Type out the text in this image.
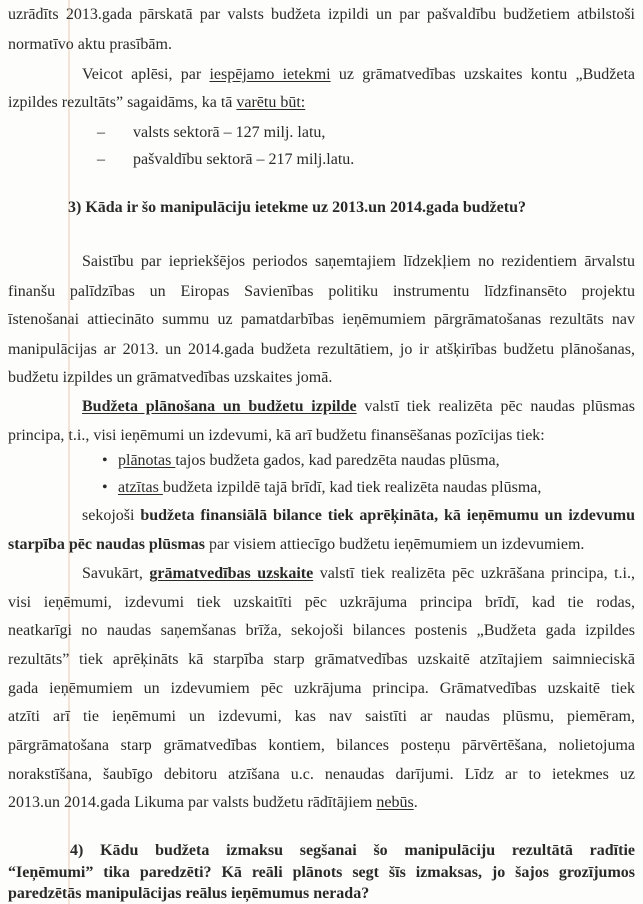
uzrādīts 2013.gada pārskatā par valsts budžeta izpildi un par pašvaldību budžetiem atbilstoši
normatīvo aktu prasībām.
Veicot aplēsi, par iespējamo ietekmi uz grāmatvedības uzskaites kontu „Budžeta
izpildes rezultāts” sagaidāms, ka tā varētu būt:
valsts sektorā – 127 milj. latu,
–
pašvaldību sektorā – 217 milj.latu.
–
3) Kāda ir šo manipulāciju ietekme uz 2013.un 2014.gada budžetu?
Saistību par iepriekšējos periodos saņemtajiem līdzekļiem no rezidentiem ārvalstu
finanšu palīdzības un Eiropas Savienības politiku instrumentu līdzfinansēto projektu
īstenošanai attiecināto summu uz pamatdarbības ieņēmumiem pārgrāmatošanas rezultāts nav
manipulācijas ar 2013. un 2014.gada budžeta rezultātiem, jo ir atšķirības budžetu plānošanas,
budžetu izpildes un grāmatvedības uzskaites jomā.
Budžeta plānošana un budžetu izpilde valstī tiek realizēta pēc naudas plūsmas
principa, t.i., visi ieņēmumi un izdevumi, kā arī budžetu finansēšanas pozīcijas tiek:
plānotas tajos budžeta gados, kad paredzēta naudas plūsma,
•
atzītas budžeta izpildē tajā brīdī, kad tiek realizēta naudas plūsma,
•
sekojoši budžeta finansiālā bilance tiek aprēķināta, kā ieņēmumu un izdevumu
starpība pēc naudas plūsmas par visiem attiecīgo budžetu ieņēmumiem un izdevumiem.
Savukārt, grāmatvedības uzskaite valstī tiek realizēta pēc uzkrāšana principa, t.i.,
visi ieņēmumi, izdevumi tiek uzskaitīti pēc uzkrājuma principa brīdī, kad tie rodas,
neatkarīgi no naudas saņemšanas brīža, sekojoši bilances postenis „Budžeta gada izpildes
rezultāts” tiek aprēķināts kā starpība starp grāmatvedības uzskaitē atzītajiem saimnieciskā
gada ieņēmumiem un izdevumiem pēc uzkrājuma principa. Grāmatvedības uzskaitē tiek
atzīti arī tie ieņēmumi un izdevumi, kas nav saistīti ar naudas plūsmu, piemēram,
pārgrāmatošana starp grāmatvedības kontiem, bilances posteņu pārvērtēšana, nolietojuma
norakstīšana, šaubīgo debitoru atzīšana u.c. nenaudas darījumi. Līdz ar to ietekmes uz
2013.un 2014.gada Likuma par valsts budžetu rādītājiem nebūs.
4) Kādu budžeta izmaksu segšanai šo manipulāciju rezultātā radītie
“Ieņēmumi” tika paredzēti? Kā reāli plānots segt šīs izmaksas, jo šajos grozījumos
paredzētās manipulācijas reālus ieņēmumus nerada?
